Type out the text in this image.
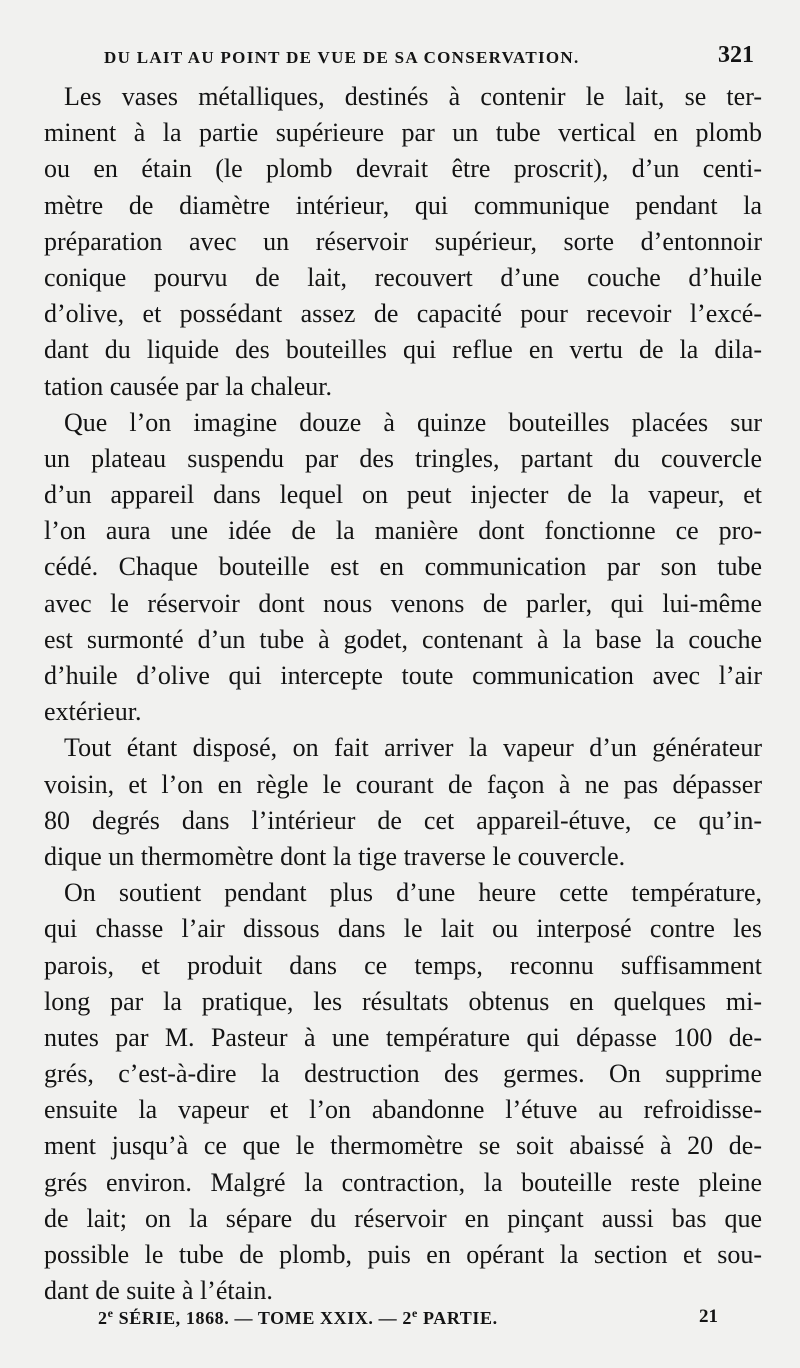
DU LAIT AU POINT DE VUE DE SA CONSERVATION.	321

Les vases métalliques, destinés à contenir le lait, se ter-
minent à la partie supérieure par un tube vertical en plomb
ou en étain (le plomb devrait être proscrit), d’un centi-
mètre de diamètre intérieur, qui communique pendant la
préparation avec un réservoir supérieur, sorte d’entonnoir
conique pourvu de lait, recouvert d’une couche d’huile
d’olive, et possédant assez de capacité pour recevoir l’excé-
dant du liquide des bouteilles qui reflue en vertu de la dila-
tation causée par la chaleur.

Que l’on imagine douze à quinze bouteilles placées sur
un plateau suspendu par des tringles, partant du couvercle
d’un appareil dans lequel on peut injecter de la vapeur, et
l’on aura une idée de la manière dont fonctionne ce pro-
cédé. Chaque bouteille est en communication par son tube
avec le réservoir dont nous venons de parler, qui lui-même
est surmonté d’un tube à godet, contenant à la base la couche
d’huile d’olive qui intercepte toute communication avec l’air
extérieur.

Tout étant disposé, on fait arriver la vapeur d’un générateur
voisin, et l’on en règle le courant de façon à ne pas dépasser
80 degrés dans l’intérieur de cet appareil-étuve, ce qu’in-
dique un thermomètre dont la tige traverse le couvercle.

On soutient pendant plus d’une heure cette température,
qui chasse l’air dissous dans le lait ou interposé contre les
parois, et produit dans ce temps, reconnu suffisamment
long par la pratique, les résultats obtenus en quelques mi-
nutes par M. Pasteur à une température qui dépasse 100 de-
grés, c’est-à-dire la destruction des germes. On supprime
ensuite la vapeur et l’on abandonne l’étuve au refroidisse-
ment jusqu’à ce que le thermomètre se soit abaissé à 20 de-
grés environ. Malgré la contraction, la bouteille reste pleine
de lait; on la sépare du réservoir en pinçant aussi bas que
possible le tube de plomb, puis en opérant la section et sou-
dant de suite à l’étain.

2e SÉRIE, 1868. — TOME XXIX. — 2e PARTIE.	21
